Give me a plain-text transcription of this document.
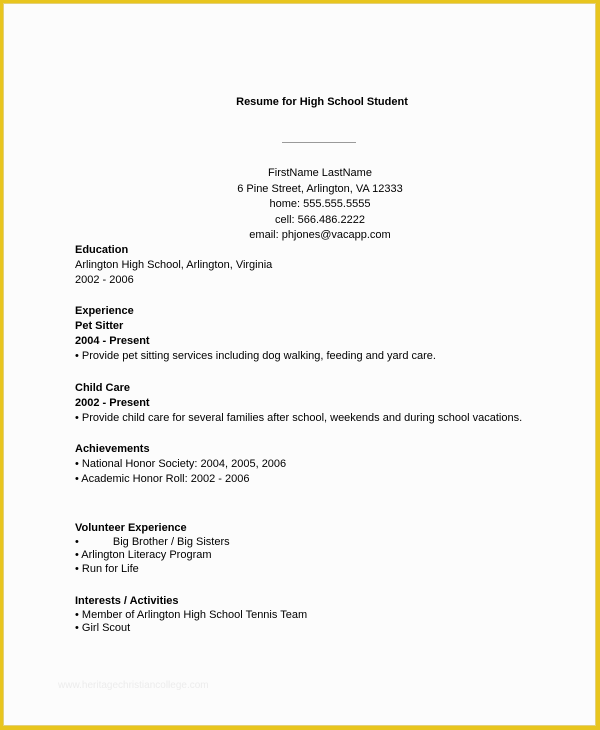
Resume for High School Student
FirstName LastName
6 Pine Street, Arlington, VA 12333
home: 555.555.5555
cell: 566.486.2222
email: phjones@vacapp.com
Education
Arlington High School, Arlington, Virginia
2002 - 2006
Experience
Pet Sitter
2004 - Present
• Provide pet sitting services including dog walking, feeding and yard care.
Child Care
2002 - Present
• Provide child care for several families after school, weekends and during school vacations.
Achievements
• National Honor Society: 2004, 2005, 2006
• Academic Honor Roll: 2002 - 2006
Volunteer Experience
•	Big Brother / Big Sisters
• Arlington Literacy Program
• Run for Life
Interests / Activities
• Member of Arlington High School Tennis Team
• Girl Scout
www.heritagechristiancollege.com
